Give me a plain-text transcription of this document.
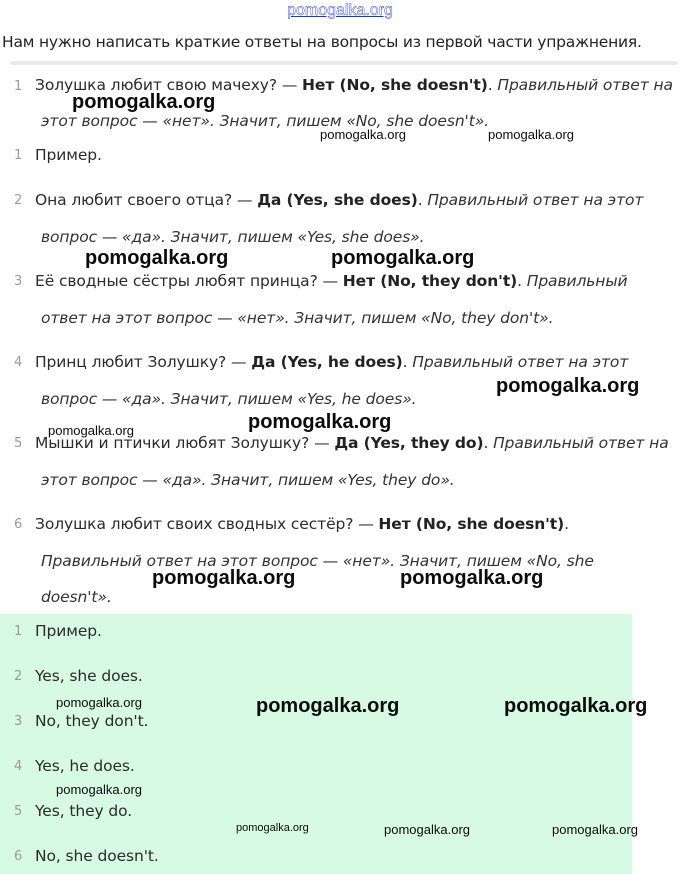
pomogalka.org
Нам нужно написать краткие ответы на вопросы из первой части упражнения.
1 Золушка любит свою мачеху? — Нет (No, she doesn't). Правильный ответ на
этот вопрос — «нет». Значит, пишем «No, she doesn't».
1 Пример.
2 Она любит своего отца? — Да (Yes, she does). Правильный ответ на этот
вопрос — «да». Значит, пишем «Yes, she does».
3 Её сводные сёстры любят принца? — Нет (No, they don't). Правильный
ответ на этот вопрос — «нет». Значит, пишем «No, they don't».
4 Принц любит Золушку? — Да (Yes, he does). Правильный ответ на этот
вопрос — «да». Значит, пишем «Yes, he does».
5 Мышки и птички любят Золушку? — Да (Yes, they do). Правильный ответ на
этот вопрос — «да». Значит, пишем «Yes, they do».
6 Золушка любит своих сводных сестёр? — Нет (No, she doesn't).
Правильный ответ на этот вопрос — «нет». Значит, пишем «No, she
doesn't».
1 Пример.
2 Yes, she does.
3 No, they don't.
4 Yes, he does.
5 Yes, they do.
6 No, she doesn't.
pomogalka.org
pomogalka.org	pomogalka.org
pomogalka.org	pomogalka.org
pomogalka.org
pomogalka.org	pomogalka.org
pomogalka.org	pomogalka.org
pomogalka.org	pomogalka.org	pomogalka.org
pomogalka.org
pomogalka.org	pomogalka.org	pomogalka.org
